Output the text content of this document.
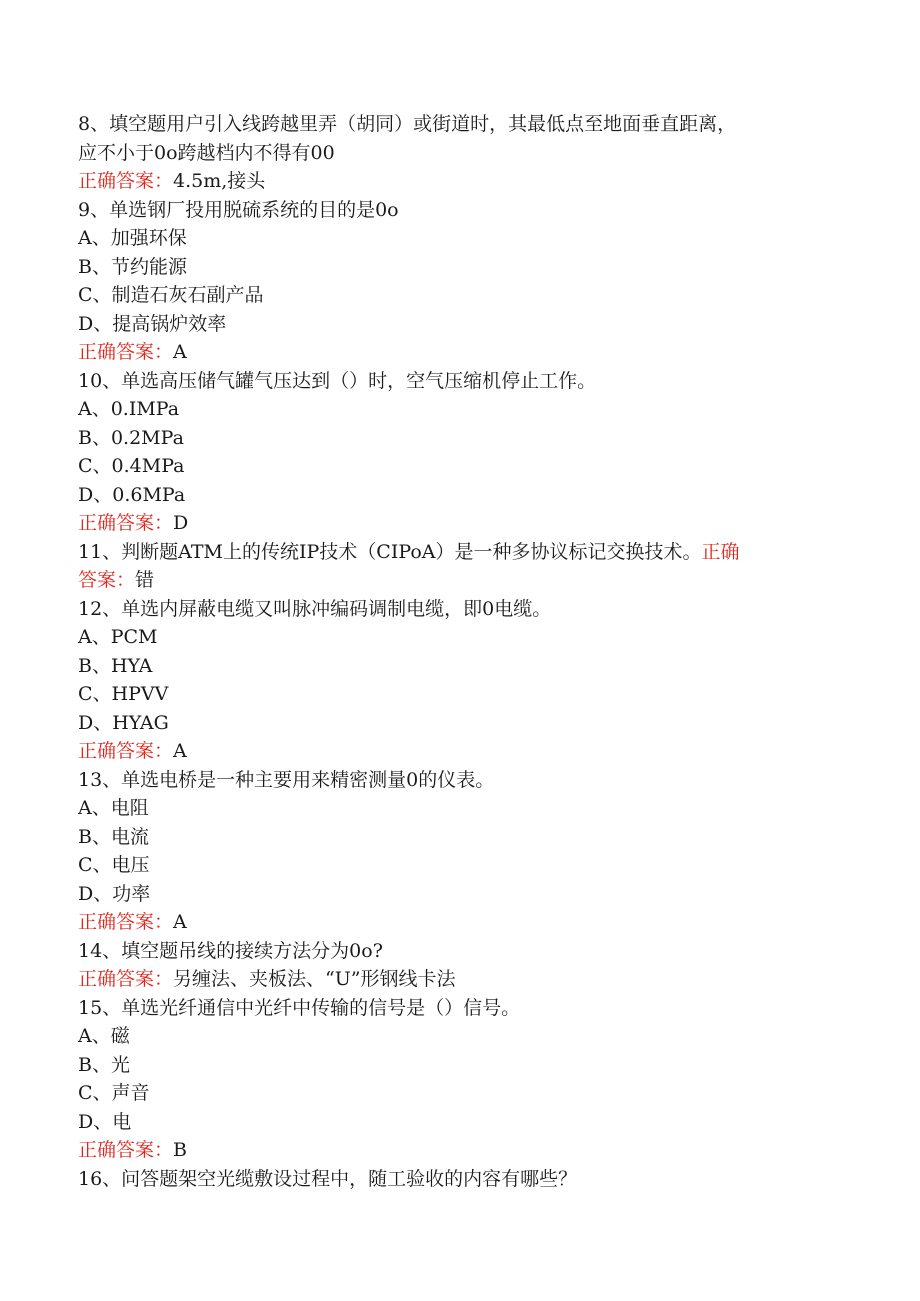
8、填空题用户引入线跨越里弄（胡同）或街道时，其最低点至地面垂直距离，
应不小于0o跨越档内不得有00
正确答案：4.5m,接头
9、单选钢厂投用脱硫系统的目的是0o
A、加强环保
B、节约能源
C、制造石灰石副产品
D、提高锅炉效率
正确答案：A
10、单选高压储气罐气压达到（）时，空气压缩机停止工作。
A、0.IMPa
B、0.2MPa
C、0.4MPa
D、0.6MPa
正确答案：D
11、判断题ATM上的传统IP技术（CIPoA）是一种多协议标记交换技术。正确
答案：错
12、单选内屏蔽电缆又叫脉冲编码调制电缆，即0电缆。
A、PCM
B、HYA
C、HPVV
D、HYAG
正确答案：A
13、单选电桥是一种主要用来精密测量0的仪表。
A、电阻
B、电流
C、电压
D、功率
正确答案：A
14、填空题吊线的接续方法分为0o?
正确答案：另缠法、夹板法、“U”形钢线卡法
15、单选光纤通信中光纤中传输的信号是（）信号。
A、磁
B、光
C、声音
D、电
正确答案：B
16、问答题架空光缆敷设过程中，随工验收的内容有哪些？
